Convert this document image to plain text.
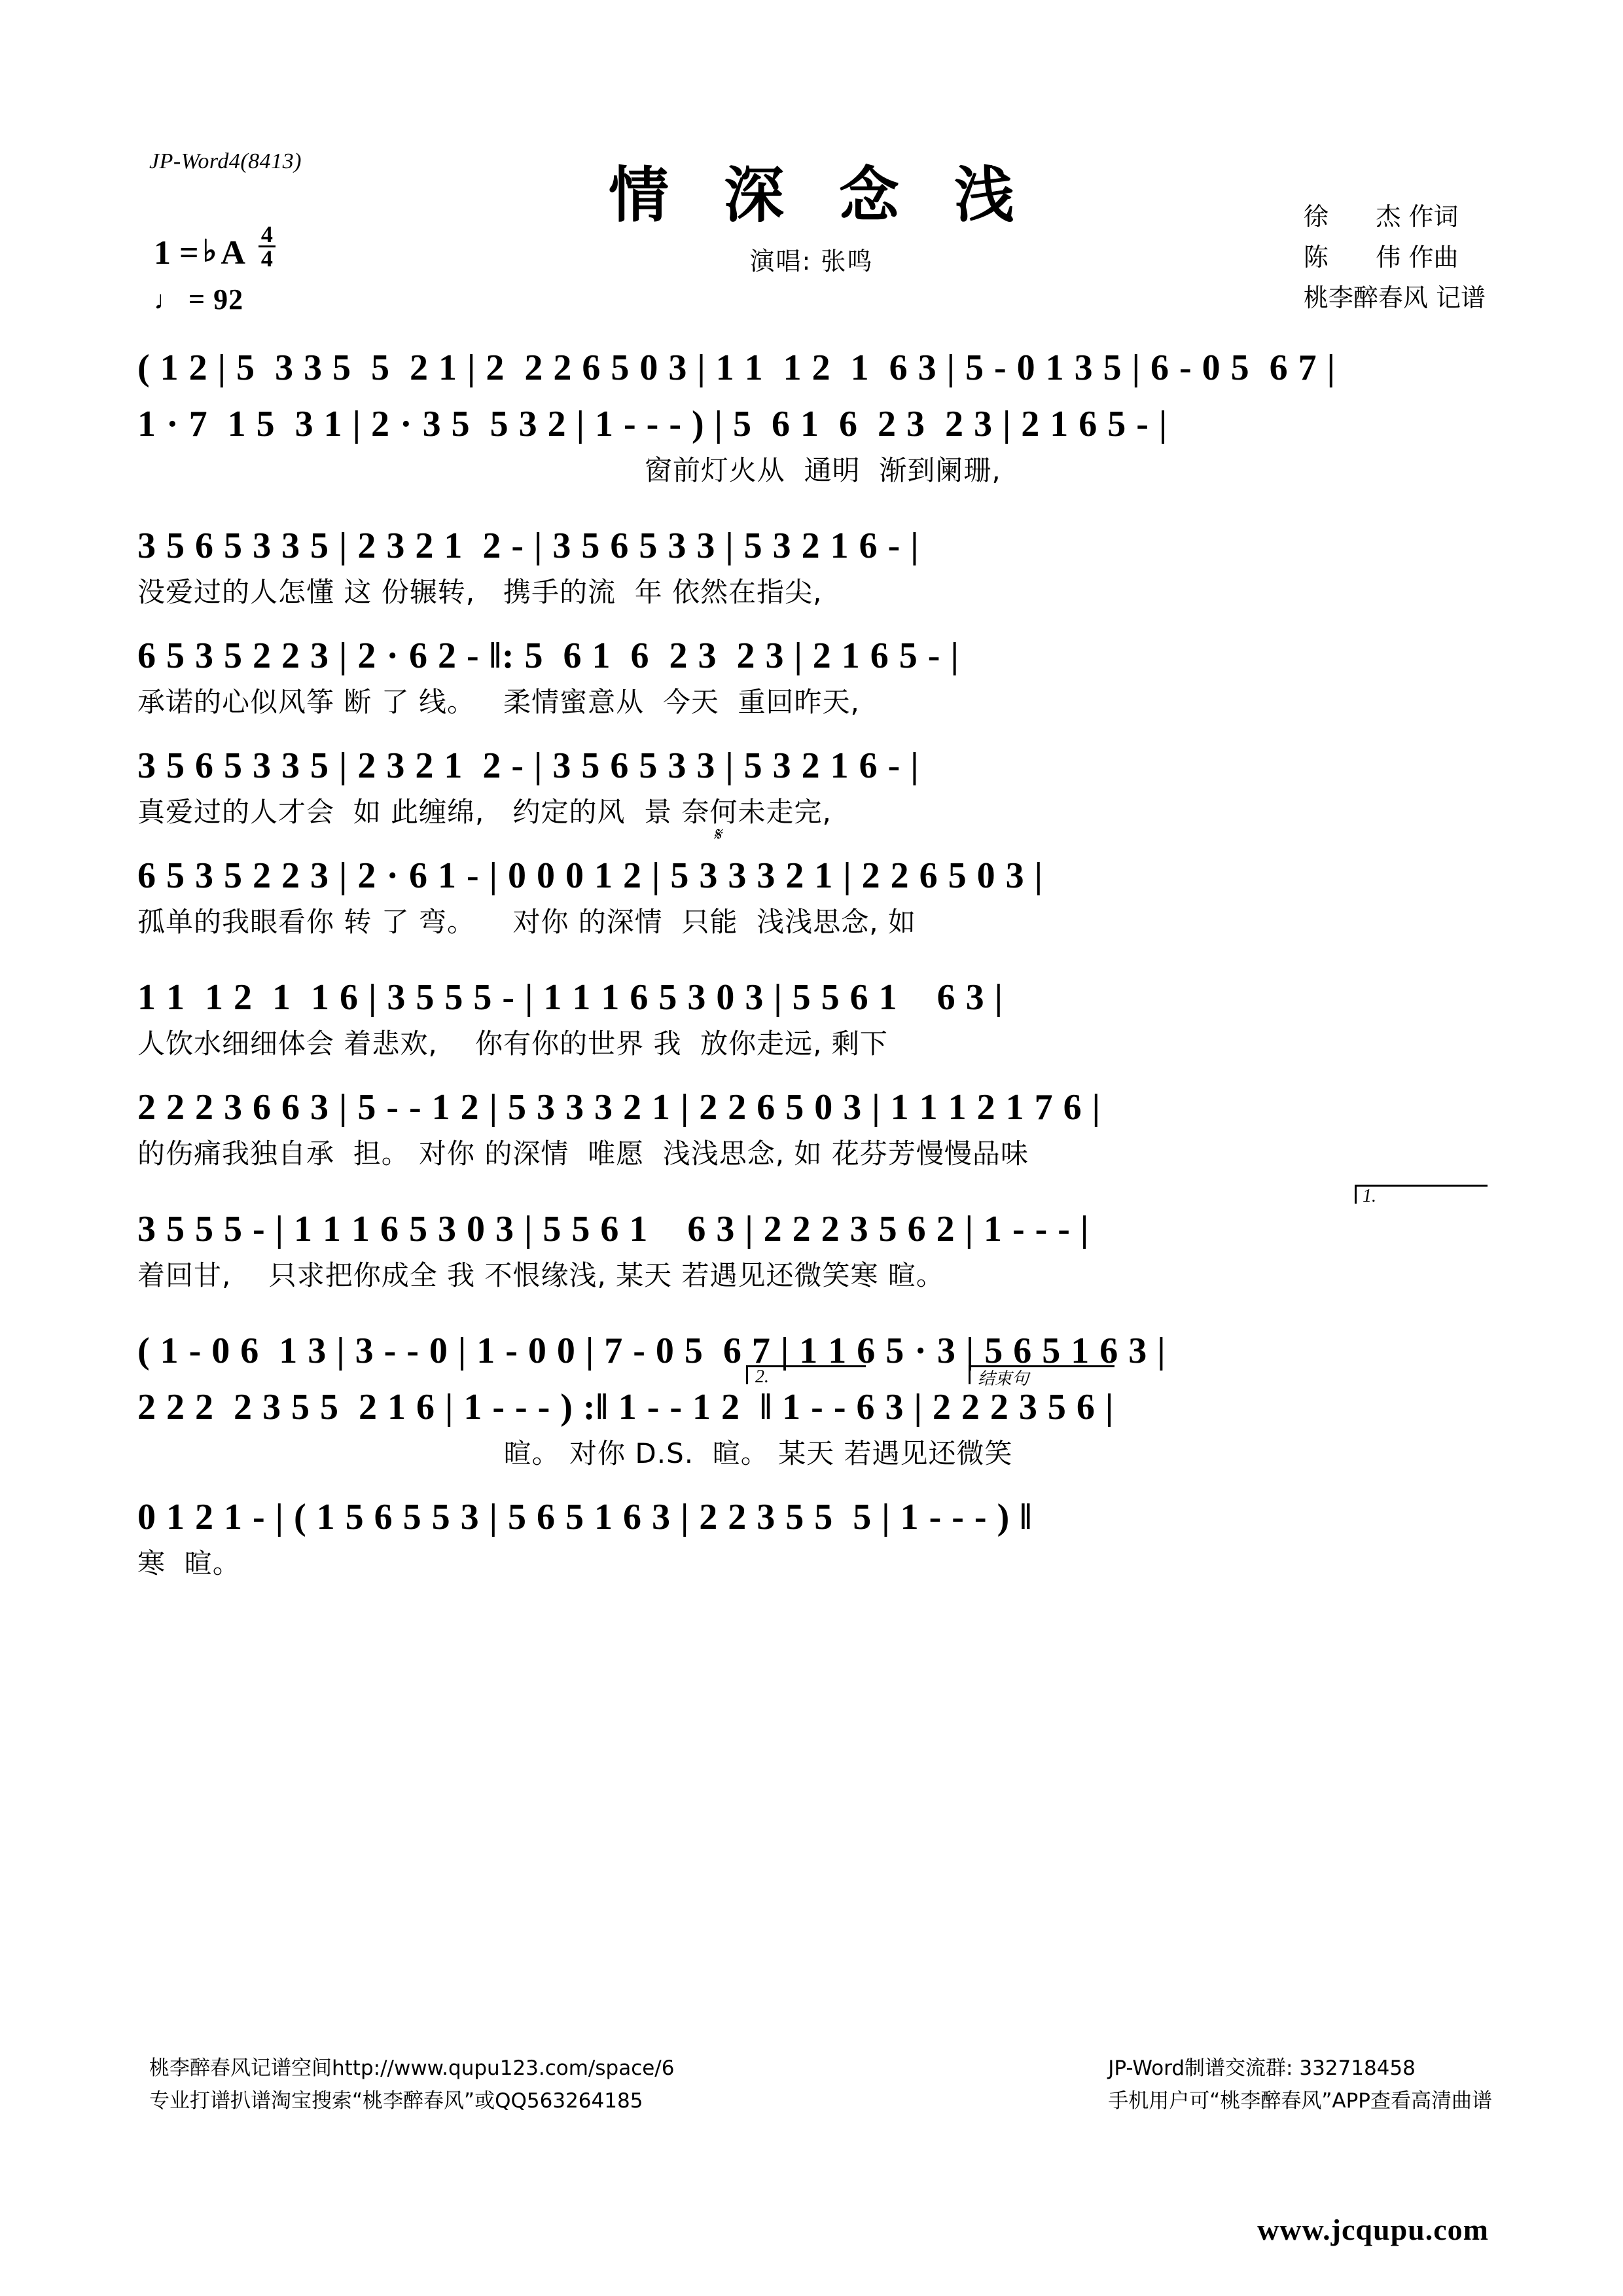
JP-Word4(8413)	情 深 念 浅
演唱: 张鸣
徐      杰 作词
陈      伟 作曲
桃李醉春风 记谱
1 = ♭ A $\frac{4}{4}$
♩ = 92
( 1 2 | 5  3 3 5  5  2 1 | 2  2 2 6 5 0 3 | 1 1  1 2  1  6 3 | 5 - 0 1 3 5 | 6 - 0 5  6 7 |
1 · 7  1 5  3 1 | 2 · 3 5  5 3 2 | 1 - - - ) | 5  6 1  6  2 3  2 3 | 2 1 6 5 - |
窗前灯火从  通明  渐到阑珊,
3 5 6 5 3 3 5 | 2 3 2 1  2 - | 3 5 6 5 3 3 | 5 3 2 1 6 - |
没爱过的人怎懂 这 份辗转,   携手的流  年 依然在指尖,
6 5 3 5 2 2 3 | 2 · 6 2 - ‖: 5  6 1  6  2 3  2 3 | 2 1 6 5 - |
承诺的心似风筝 断 了 线。   柔情蜜意从  今天  重回昨天,
3 5 6 5 3 3 5 | 2 3 2 1  2 - | 3 5 6 5 3 3 | 5 3 2 1 6 - |
真爱过的人才会  如 此缠绵,   约定的风  景 奈何未走完,
𝄋
6 5 3 5 2 2 3 | 2 · 6 1 - | 0 0 0 1 2 | 5 3 3 3 2 1 | 2 2 6 5 0 3 |
孤单的我眼看你 转 了 弯。    对你 的深情  只能  浅浅思念, 如
1 1  1 2  1  1 6 | 3 5 5 5 - | 1 1 1 6 5 3 0 3 | 5 5 6 1    6 3 |
人饮水细细体会 着悲欢,    你有你的世界 我  放你走远, 剩下
2 2 2 3 6 6 3 | 5 - - 1 2 | 5 3 3 3 2 1 | 2 2 6 5 0 3 | 1 1 1 2 1 7 6 |
的伤痛我独自承  担。 对你 的深情  唯愿  浅浅思念, 如 花芬芳慢慢品味
1.
3 5 5 5 - | 1 1 1 6 5 3 0 3 | 5 5 6 1    6 3 | 2 2 2 3 5 6 2 | 1 - - - |
着回甘,    只求把你成全 我 不恨缘浅, 某天 若遇见还微笑寒 暄。
( 1 - 0 6  1 3 | 3 - - 0 | 1 - 0 0 | 7 - 0 5  6 7 | 1 1 6 5 · 3 | 5 6 5 1 6 3 |
2.	结束句
2 2 2  2 3 5 5  2 1 6 | 1 - - - ) :‖ 1 - - 1 2  ‖ 1 - - 6 3 | 2 2 2 3 5 6 |
暄。 对你 D.S.  暄。 某天 若遇见还微笑
0 1 2 1 - | ( 1 5 6 5 5 3 | 5 6 5 1 6 3 | 2 2 3 5 5  5 | 1 - - - ) ‖
寒  暄。
桃李醉春风记谱空间http://www.qupu123.com/space/6
专业打谱扒谱淘宝搜索“桃李醉春风”或QQ563264185
JP-Word制谱交流群: 332718458
手机用户可“桃李醉春风”APP查看高清曲谱
www.jcqupu.com
